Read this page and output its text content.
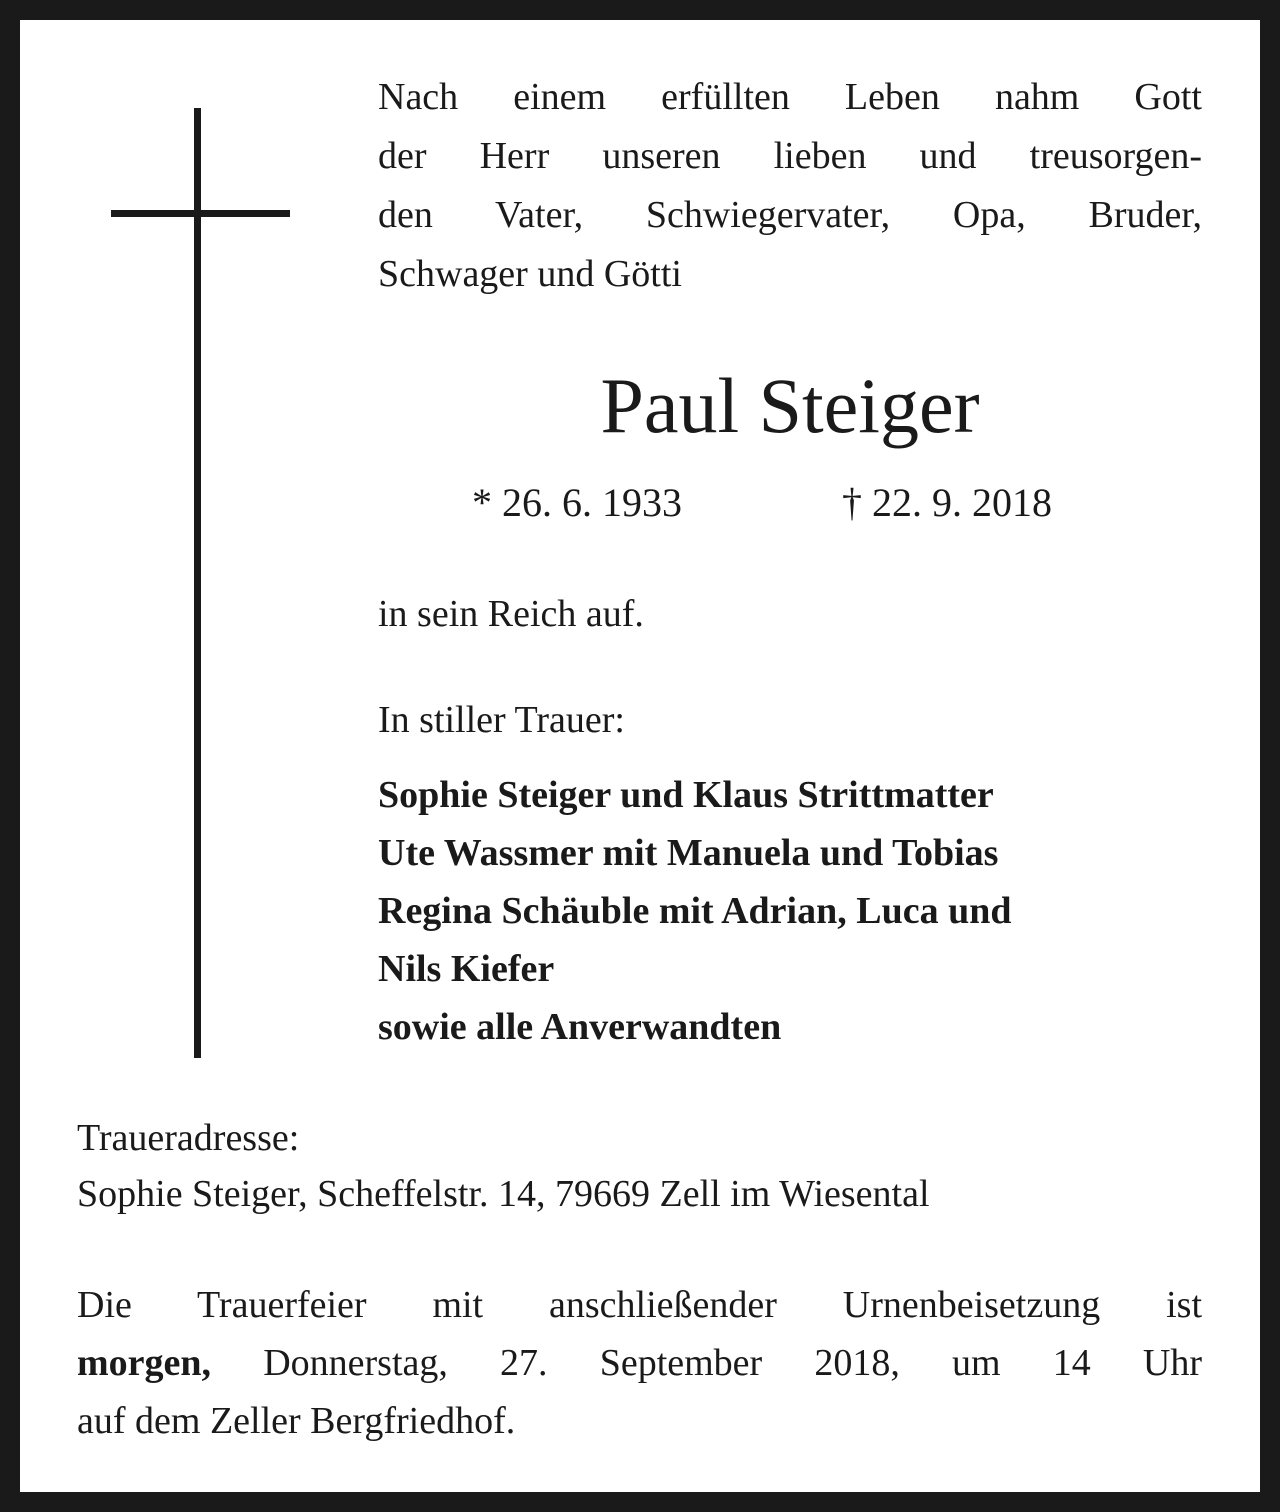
Nach einem erfüllten Leben nahm Gott
der Herr unseren lieben und treusorgen-
den Vater, Schwiegervater, Opa, Bruder,
Schwager und Götti
Paul Steiger
* 26. 6. 1933	† 22. 9. 2018
in sein Reich auf.
In stiller Trauer:
Sophie Steiger und Klaus Strittmatter
Ute Wassmer mit Manuela und Tobias
Regina Schäuble mit Adrian, Luca und
Nils Kiefer
sowie alle Anverwandten
Traueradresse:
Sophie Steiger, Scheffelstr. 14, 79669 Zell im Wiesental
Die Trauerfeier mit anschließender Urnenbeisetzung ist
morgen, Donnerstag, 27. September 2018, um 14 Uhr
auf dem Zeller Bergfriedhof.
